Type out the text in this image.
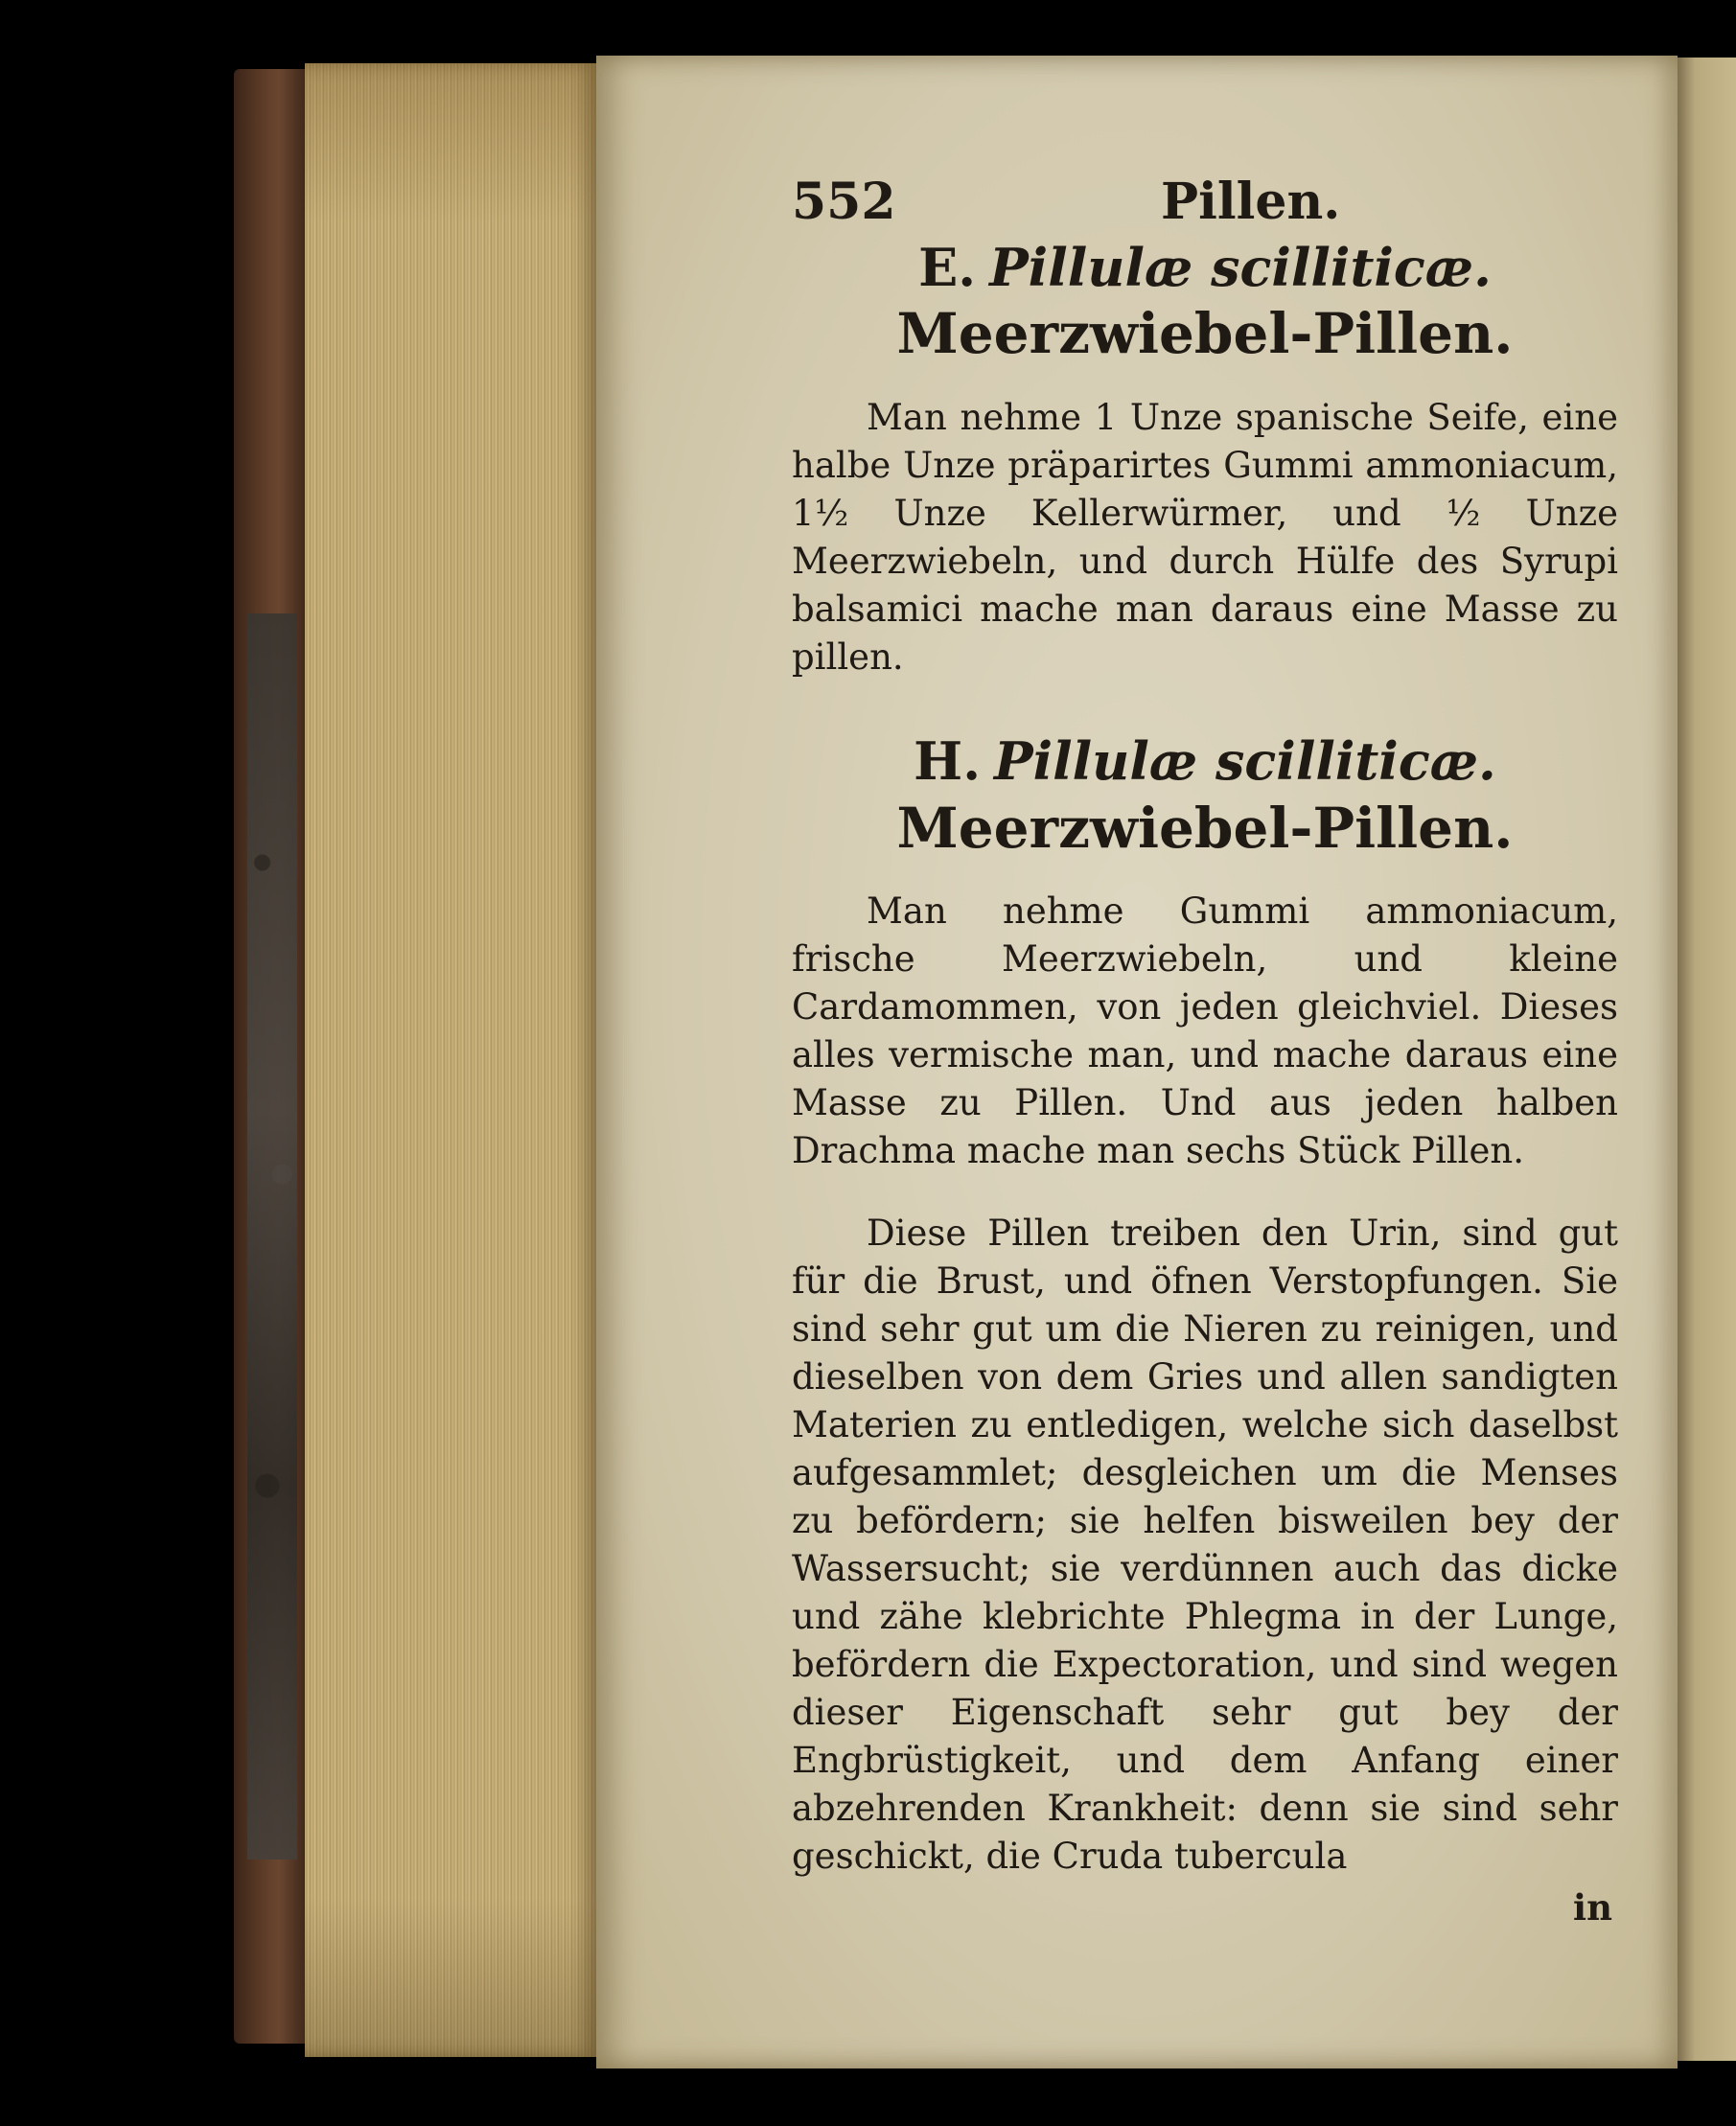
552	Pillen.
E. Pillulæ scilliticæ.
Meerzwiebel-Pillen.

Man nehme 1 Unze spanische Seife, eine halbe Unze präparirtes Gummi ammoniacum, 1½ Unze Kellerwürmer, und ½ Unze Meerzwiebeln, und durch Hülfe des Syrupi balsamici mache man daraus eine Masse zu pillen.

H. Pillulæ scilliticæ.
Meerzwiebel-Pillen.

Man nehme Gummi ammoniacum, frische Meerzwiebeln, und kleine Cardamommen, von jeden gleichviel. Dieses alles vermische man, und mache daraus eine Masse zu Pillen. Und aus jeden halben Drachma mache man sechs Stück Pillen.

Diese Pillen treiben den Urin, sind gut für die Brust, und öfnen Verstopfungen. Sie sind sehr gut um die Nieren zu reinigen, und dieselben von dem Gries und allen sandigten Materien zu entledigen, welche sich daselbst aufgesammlet; desgleichen um die Menses zu befördern; sie helfen bisweilen bey der Wassersucht; sie verdünnen auch das dicke und zähe klebrichte Phlegma in der Lunge, befördern die Expectoration, und sind wegen dieser Eigenschaft sehr gut bey der Engbrüstigkeit, und dem Anfang einer abzehrenden Krankheit: denn sie sind sehr geschickt, die Cruda tubercula

in
